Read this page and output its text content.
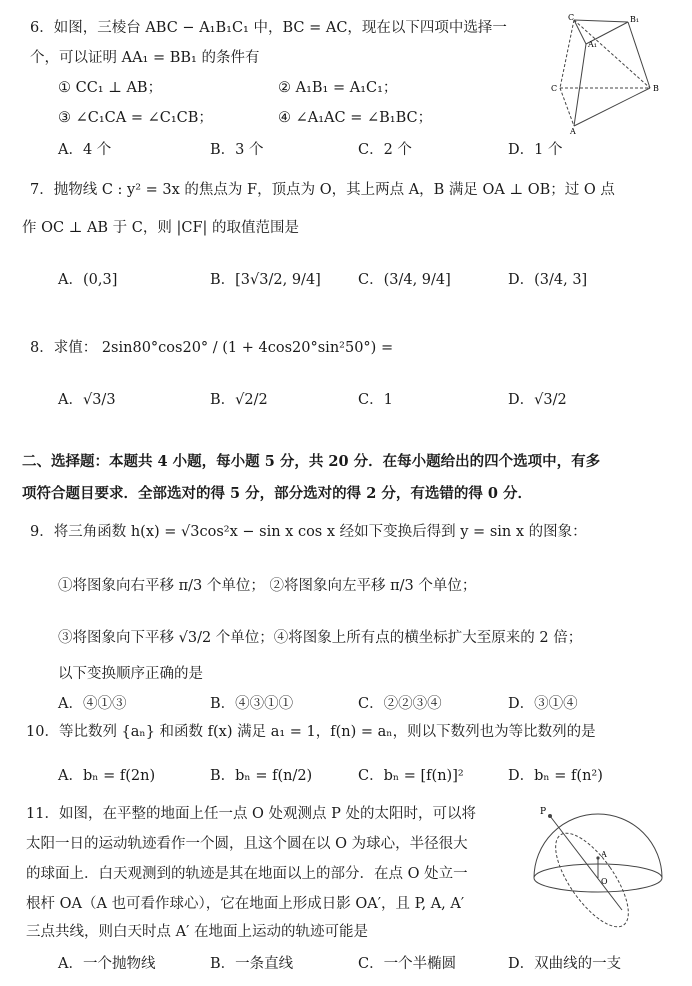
6．如图，三棱台 ABC − A₁B₁C₁ 中，BC = AC，现在以下四项中选择一
个，可以证明 AA₁ = BB₁ 的条件有
① CC₁ ⊥ AB；	② A₁B₁ = A₁C₁；
③ ∠C₁CA = ∠C₁CB；	④ ∠A₁AC = ∠B₁BC；
A．4 个	B．3 个	C．2 个	D．1 个
C	B₁
A₁
C	B
A
7．抛物线 C : y² = 3x 的焦点为 F，顶点为 O，其上两点 A，B 满足 OA ⊥ OB；过 O 点
作 OC ⊥ AB 于 C，则 |CF| 的取值范围是
A．(0,3]	B．[3√3/2, 9/4]	C．(3/4, 9/4]	D．(3/4, 3]
8．求值： 2sin80°cos20° / (1 + 4cos20°sin²50°) =
A．√3/3	B．√2/2	C．1	D．√3/2
二、选择题：本题共 4 小题，每小题 5 分，共 20 分．在每小题给出的四个选项中，有多
项符合题目要求．全部选对的得 5 分，部分选对的得 2 分，有选错的得 0 分．
9．将三角函数 h(x) = √3cos²x − sin x cos x 经如下变换后得到 y = sin x 的图象：
①将图象向右平移 π/3 个单位； ②将图象向左平移 π/3 个单位；
③将图象向下平移 √3/2 个单位；④将图象上所有点的横坐标扩大至原来的 2 倍；
以下变换顺序正确的是
A．④①③	B．④③①①	C．②②③④	D．③①④
10．等比数列 {aₙ} 和函数 f(x) 满足 a₁ = 1，f(n) = aₙ，则以下数列也为等比数列的是
A．bₙ = f(2n)	B．bₙ = f(n/2)	C．bₙ = [f(n)]²	D．bₙ = f(n²)
11．如图，在平整的地面上任一点 O 处观测点 P 处的太阳时，可以将
太阳一日的运动轨迹看作一个圆，且这个圆在以 O 为球心，半径很大
的球面上．白天观测到的轨迹是其在地面以上的部分．在点 O 处立一
根杆 OA（A 也可看作球心），它在地面上形成日影 OA′，且 P, A, A′
三点共线，则白天时点 A′ 在地面上运动的轨迹可能是
A．一个抛物线	B．一条直线	C．一个半椭圆	D．双曲线的一支
P
A
O
